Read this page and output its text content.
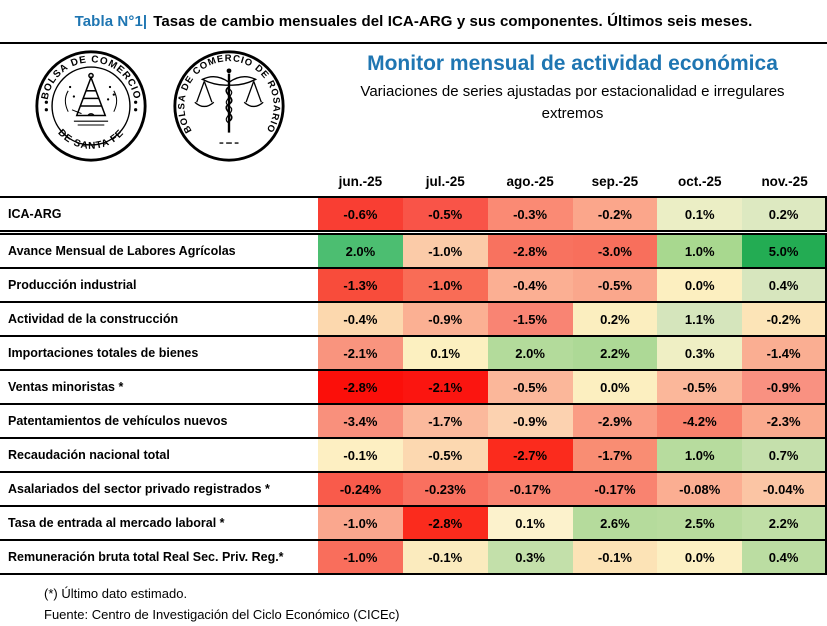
Tabla N°1| Tasas de cambio mensuales del ICA-ARG y sus componentes. Últimos seis meses.
BOLSA DE COMERCIO
DE SANTA FE	BOLSA DE COMERCIO DE ROSARIO
Monitor mensual de actividad económica
Variaciones de series ajustadas por estacionalidad e irregulares extremos
jun.-25	jul.-25	ago.-25	sep.-25	oct.-25	nov.-25
ICA-ARG	-0.6%	-0.5%	-0.3%	-0.2%	0.1%	0.2%
Avance Mensual de Labores Agrícolas	2.0%	-1.0%	-2.8%	-3.0%	1.0%	5.0%
Producción industrial	-1.3%	-1.0%	-0.4%	-0.5%	0.0%	0.4%
Actividad de la construcción	-0.4%	-0.9%	-1.5%	0.2%	1.1%	-0.2%
Importaciones totales de bienes	-2.1%	0.1%	2.0%	2.2%	0.3%	-1.4%
Ventas minoristas *	-2.8%	-2.1%	-0.5%	0.0%	-0.5%	-0.9%
Patentamientos de vehículos nuevos	-3.4%	-1.7%	-0.9%	-2.9%	-4.2%	-2.3%
Recaudación nacional total	-0.1%	-0.5%	-2.7%	-1.7%	1.0%	0.7%
Asalariados del sector privado registrados *	-0.24%	-0.23%	-0.17%	-0.17%	-0.08%	-0.04%
Tasa de entrada al mercado laboral *	-1.0%	-2.8%	0.1%	2.6%	2.5%	2.2%
Remuneración bruta total Real Sec. Priv. Reg.*	-1.0%	-0.1%	0.3%	-0.1%	0.0%	0.4%
(*) Último dato estimado.
Fuente: Centro de Investigación del Ciclo Económico (CICEc)
